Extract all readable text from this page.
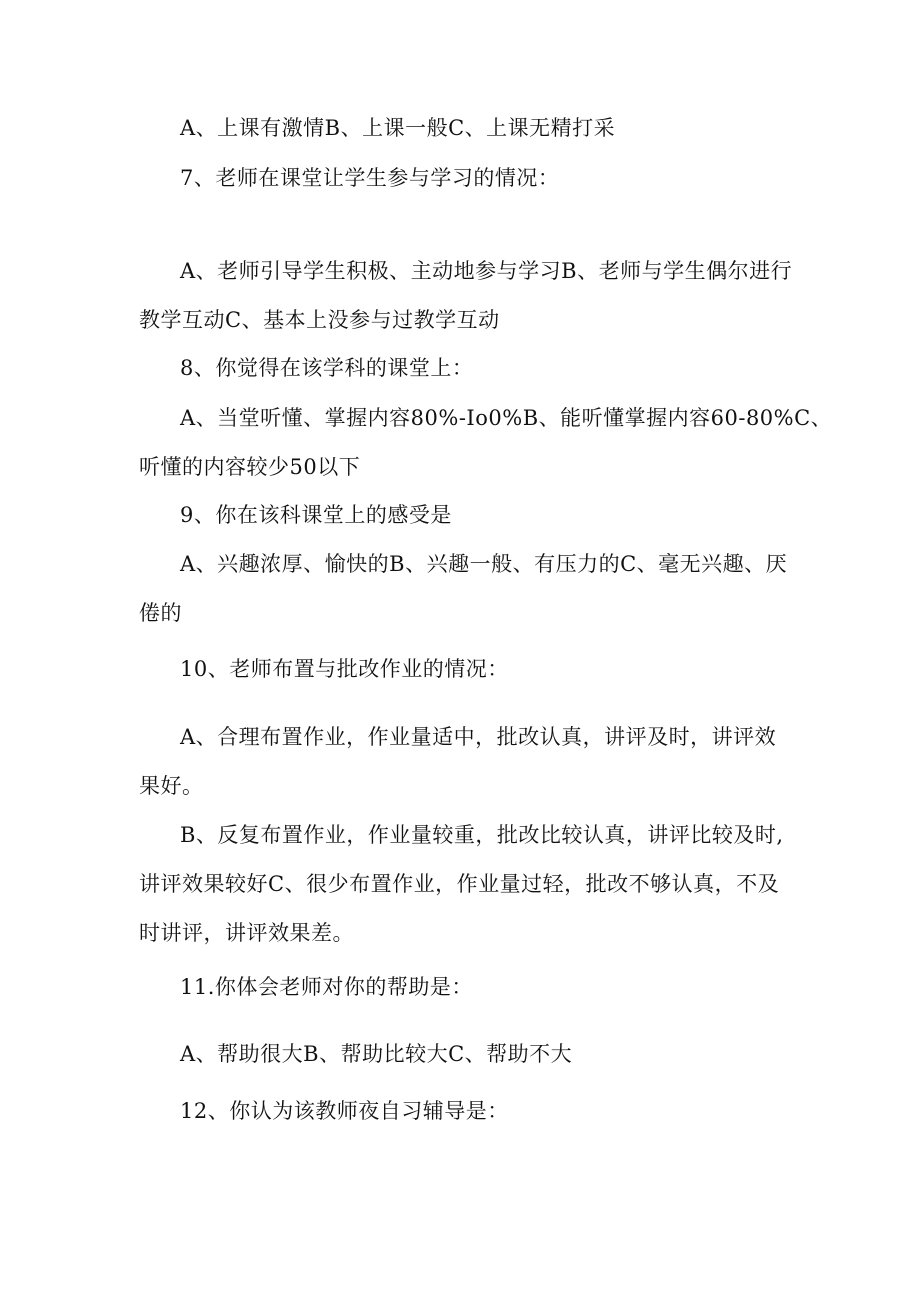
A、上课有激情B、上课一般C、上课无精打采
7、老师在课堂让学生参与学习的情况：
A、老师引导学生积极、主动地参与学习B、老师与学生偶尔进行
教学互动C、基本上没参与过教学互动
8、你觉得在该学科的课堂上：
A、当堂听懂、掌握内容80%-Io0%B、能听懂掌握内容60-80%C、
听懂的内容较少50以下
9、你在该科课堂上的感受是
A、兴趣浓厚、愉快的B、兴趣一般、有压力的C、毫无兴趣、厌
倦的
10、老师布置与批改作业的情况：
A、合理布置作业，作业量适中，批改认真，讲评及时，讲评效
果好。
B、反复布置作业，作业量较重，批改比较认真，讲评比较及时,
讲评效果较好C、很少布置作业，作业量过轻，批改不够认真，不及
时讲评，讲评效果差。
11.你体会老师对你的帮助是：
A、帮助很大B、帮助比较大C、帮助不大
12、你认为该教师夜自习辅导是：
